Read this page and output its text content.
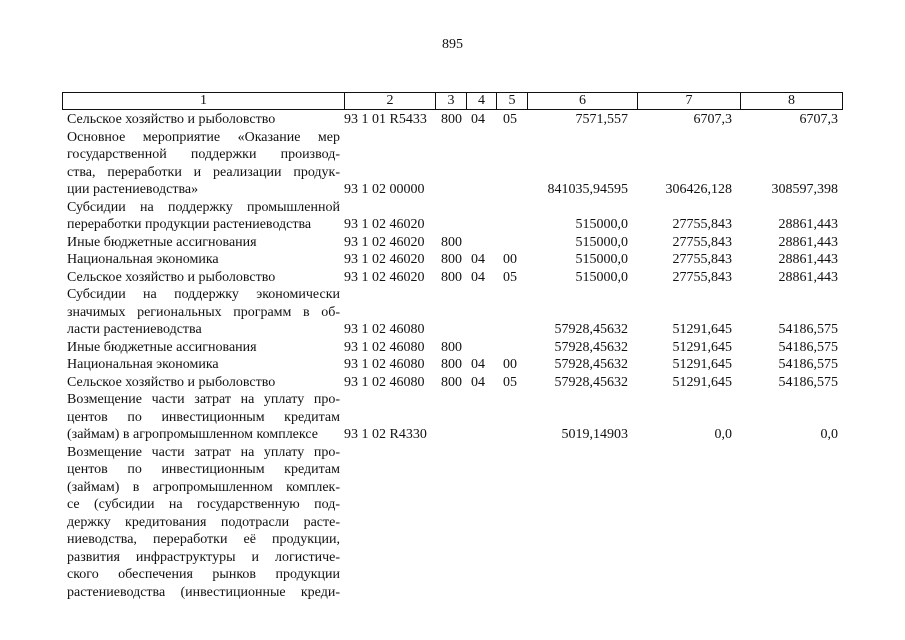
895
1	2	3	4	5	6	7	8
Сельское хозяйство и рыболовство	93 1 01 R5433 800 04 05	7571,557	6707,3	6707,3
Основное мероприятие «Оказание мер
государственной поддержки производ-
ства, переработки и реализации продук-
ции растениеводства»	93 1 02 00000	841035,94595	306426,128	308597,398
Субсидии на поддержку промышленной
переработки продукции растениеводства	93 1 02 46020	515000,0	27755,843	28861,443
Иные бюджетные ассигнования	93 1 02 46020 800	515000,0	27755,843	28861,443
Национальная экономика	93 1 02 46020 800 04 00	515000,0	27755,843	28861,443
Сельское хозяйство и рыболовство	93 1 02 46020 800 04 05	515000,0	27755,843	28861,443
Субсидии на поддержку экономически
значимых региональных программ в об-
ласти растениеводства	93 1 02 46080	57928,45632	51291,645	54186,575
Иные бюджетные ассигнования	93 1 02 46080 800	57928,45632	51291,645	54186,575
Национальная экономика	93 1 02 46080 800 04 00	57928,45632	51291,645	54186,575
Сельское хозяйство и рыболовство	93 1 02 46080 800 04 05	57928,45632	51291,645	54186,575
Возмещение части затрат на уплату про-
центов по инвестиционным кредитам
(займам) в агропромышленном комплексе	93 1 02 R4330	5019,14903	0,0	0,0
Возмещение части затрат на уплату про-
центов по инвестиционным кредитам
(займам) в агропромышленном комплек-
се (субсидии на государственную под-
держку кредитования подотрасли расте-
ниеводства, переработки её продукции,
развития инфраструктуры и логистиче-
ского обеспечения рынков продукции
растениеводства (инвестиционные креди-
